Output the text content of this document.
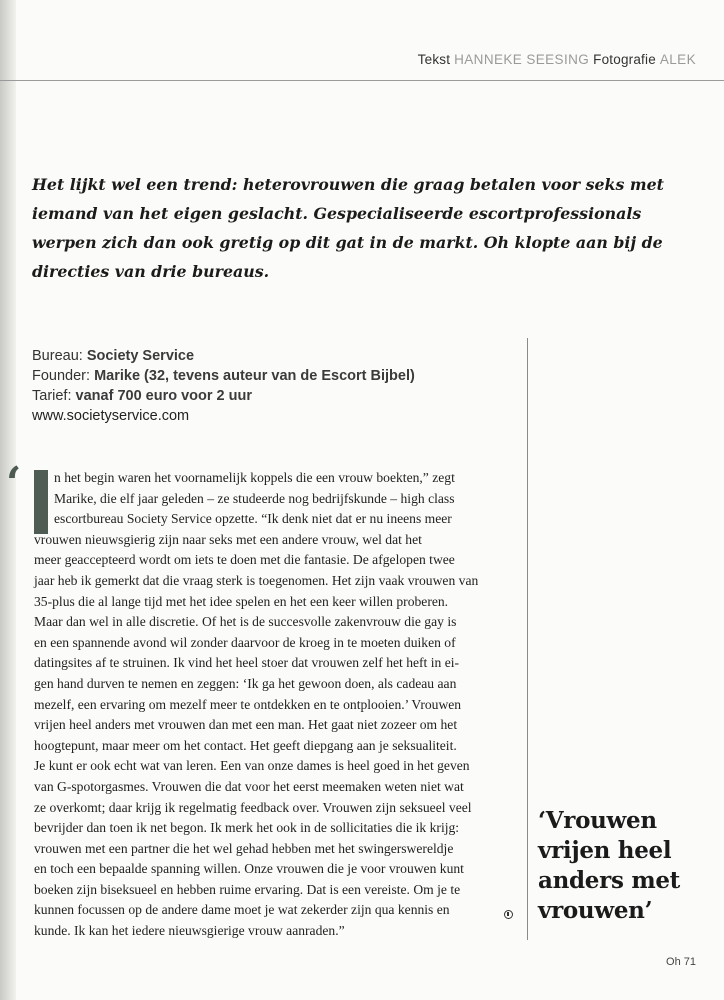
Tekst HANNEKE SEESING Fotografie ALEK
Het lijkt wel een trend: heterovrouwen die graag betalen voor seks met iemand van het eigen geslacht. Gespecialiseerde escortprofessionals werpen zich dan ook gretig op dit gat in de markt. Oh klopte aan bij de directies van drie bureaus.
Bureau: Society Service
Founder: Marike (32, tevens auteur van de Escort Bijbel)
Tarief: vanaf 700 euro voor 2 uur
www.societyservice.com
‘	n het begin waren het voornamelijk koppels die een vrouw boekten,” zegt
Marike, die elf jaar geleden – ze studeerde nog bedrijfskunde – high class
escortbureau Society Service opzette. “Ik denk niet dat er nu ineens meer
vrouwen nieuwsgierig zijn naar seks met een andere vrouw, wel dat het
meer geaccepteerd wordt om iets te doen met die fantasie. De afgelopen twee
jaar heb ik gemerkt dat die vraag sterk is toegenomen. Het zijn vaak vrouwen van
35-plus die al lange tijd met het idee spelen en het een keer willen proberen.
Maar dan wel in alle discretie. Of het is de succesvolle zakenvrouw die gay is
en een spannende avond wil zonder daarvoor de kroeg in te moeten duiken of
datingsites af te struinen. Ik vind het heel stoer dat vrouwen zelf het heft in ei-
gen hand durven te nemen en zeggen: ‘Ik ga het gewoon doen, als cadeau aan
mezelf, een ervaring om mezelf meer te ontdekken en te ontplooien.’ Vrouwen
vrijen heel anders met vrouwen dan met een man. Het gaat niet zozeer om het
hoogtepunt, maar meer om het contact. Het geeft diepgang aan je seksualiteit.
Je kunt er ook echt wat van leren. Een van onze dames is heel goed in het geven
van G-spotorgasmes. Vrouwen die dat voor het eerst meemaken weten niet wat
ze overkomt; daar krijg ik regelmatig feedback over. Vrouwen zijn seksueel veel
bevrijder dan toen ik net begon. Ik merk het ook in de sollicitaties die ik krijg:
vrouwen met een partner die het wel gehad hebben met het swingerswereldje
en toch een bepaalde spanning willen. Onze vrouwen die je voor vrouwen kunt
boeken zijn biseksueel en hebben ruime ervaring. Dat is een vereiste. Om je te
kunnen focussen op de andere dame moet je wat zekerder zijn qua kennis en
kunde. Ik kan het iedere nieuwsgierige vrouw aanraden.”
‘Vrouwen
vrijen heel
anders met
vrouwen’
Oh 71
